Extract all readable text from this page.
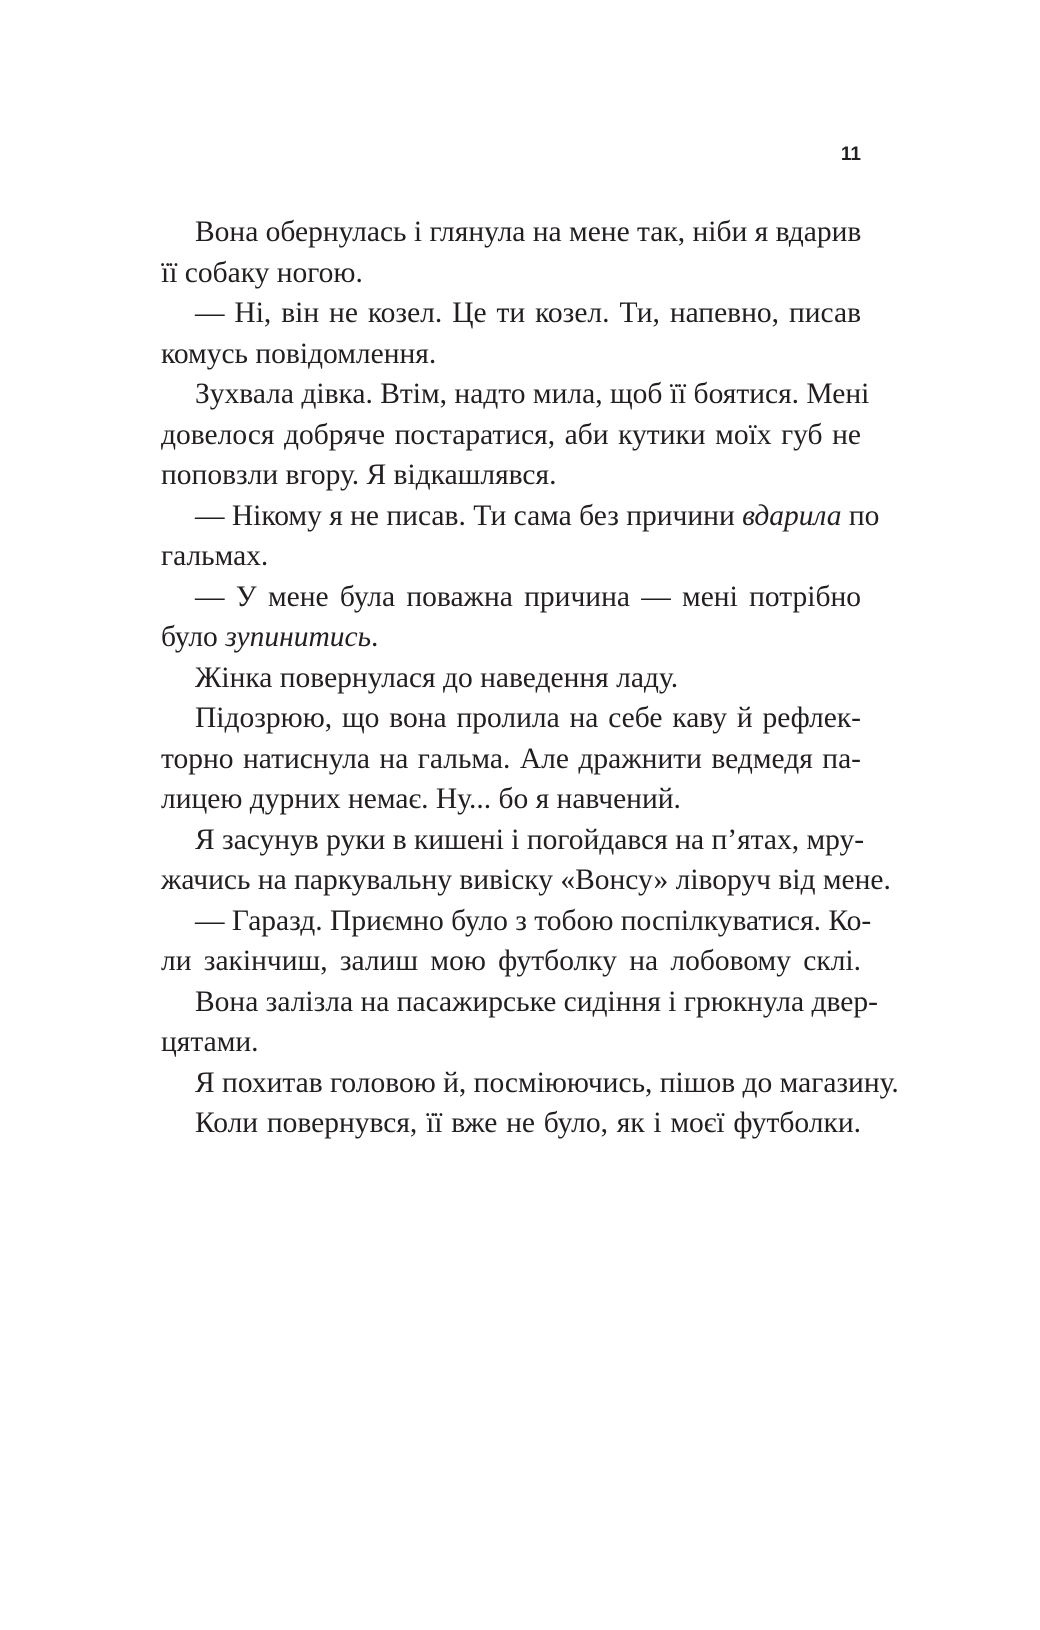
11
Вона обернулась і глянула на мене так, ніби я вдарив
її собаку ногою.
— Ні, він не козел. Це ти козел. Ти, напевно, писав
комусь повідомлення.
Зухвала дівка. Втім, надто мила, щоб її боятися. Мені
довелося добряче постаратися, аби кутики моїх губ не
поповзли вгору. Я відкашлявся.
— Нікому я не писав. Ти сама без причини вдарила по
гальмах.
— У мене була поважна причина — мені потрібно
було зупинитись.
Жінка повернулася до наведення ладу.
Підозрюю, що вона пролила на себе каву й рефлек-
торно натиснула на гальма. Але дражнити ведмедя па-
лицею дурних немає. Ну... бо я навчений.
Я засунув руки в кишені і погойдався на п’ятах, мру-
жачись на паркувальну вивіску «Вонсу» ліворуч від мене.
— Гаразд. Приємно було з тобою поспілкуватися. Ко-
ли закінчиш, залиш мою футболку на лобовому склі.
Вона залізла на пасажирське сидіння і грюкнула двер-
цятами.
Я похитав головою й, посміюючись, пішов до магазину.
Коли повернувся, її вже не було, як і моєї футболки.
